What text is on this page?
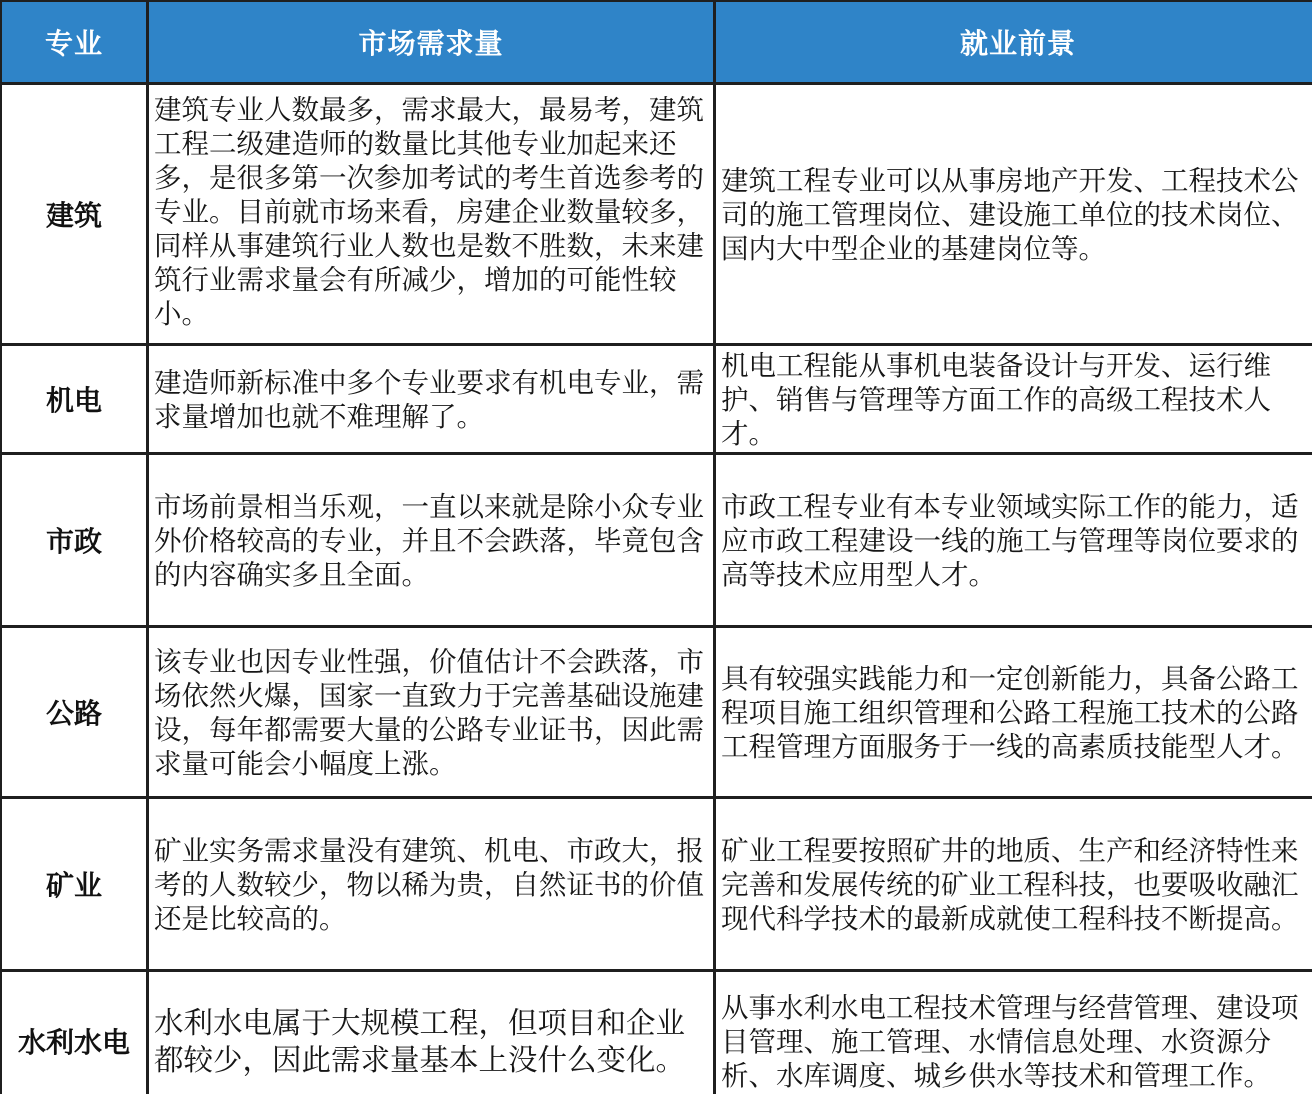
专业	市场需求量	就业前景
建筑
建筑专业人数最多，需求最大，最易考，建筑工程二级建造师的数量比其他专业加起来还多，是很多第一次参加考试的考生首选参考的专业。目前就市场来看，房建企业数量较多，同样从事建筑行业人数也是数不胜数，未来建筑行业需求量会有所减少，增加的可能性较小。
建筑工程专业可以从事房地产开发、工程技术公司的施工管理岗位、建设施工单位的技术岗位、国内大中型企业的基建岗位等。
机电
建造师新标准中多个专业要求有机电专业，需求量增加也就不难理解了。
机电工程能从事机电装备设计与开发、运行维护、销售与管理等方面工作的高级工程技术人才。
市政
市场前景相当乐观，一直以来就是除小众专业外价格较高的专业，并且不会跌落，毕竟包含的内容确实多且全面。
市政工程专业有本专业领域实际工作的能力，适应市政工程建设一线的施工与管理等岗位要求的高等技术应用型人才。
公路
该专业也因专业性强，价值估计不会跌落，市场依然火爆，国家一直致力于完善基础设施建设，每年都需要大量的公路专业证书，因此需求量可能会小幅度上涨。
具有较强实践能力和一定创新能力，具备公路工程项目施工组织管理和公路工程施工技术的公路工程管理方面服务于一线的高素质技能型人才。
矿业
矿业实务需求量没有建筑、机电、市政大，报考的人数较少，物以稀为贵，自然证书的价值还是比较高的。
矿业工程要按照矿井的地质、生产和经济特性来完善和发展传统的矿业工程科技，也要吸收融汇现代科学技术的最新成就使工程科技不断提高。
水利水电
水利水电属于大规模工程，但项目和企业都较少，因此需求量基本上没什么变化。
从事水利水电工程技术管理与经营管理、建设项目管理、施工管理、水情信息处理、水资源分析、水库调度、城乡供水等技术和管理工作。
